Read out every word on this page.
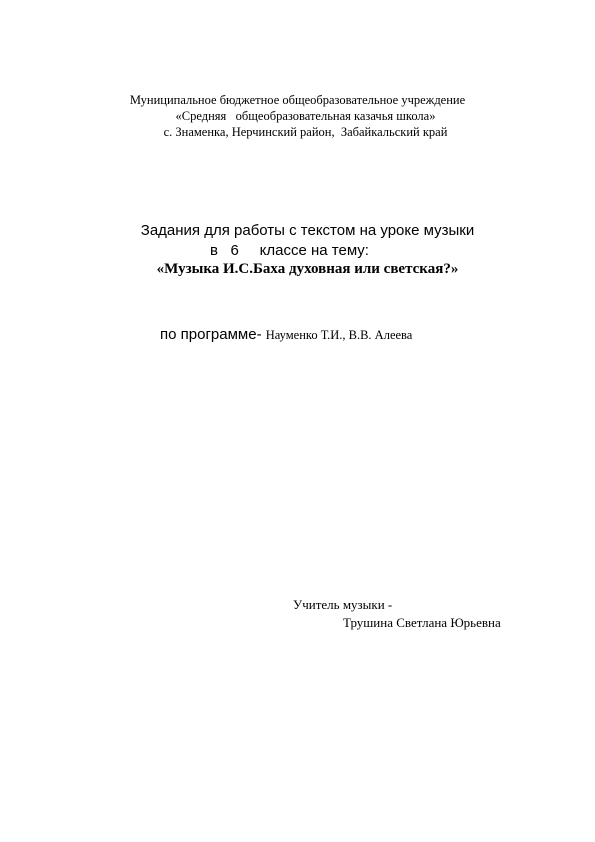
Муниципальное бюджетное общеобразовательное учреждение
«Средняя   общеобразовательная казачья школа»
с. Знаменка, Нерчинский район,  Забайкальский край
Задания для работы с текстом на уроке музыки
в   6     классе на тему:
«Музыка И.С.Баха духовная или светская?»
по программе- Науменко Т.И., В.В. Алеева
Учитель музыки -
Трушина Светлана Юрьевна
